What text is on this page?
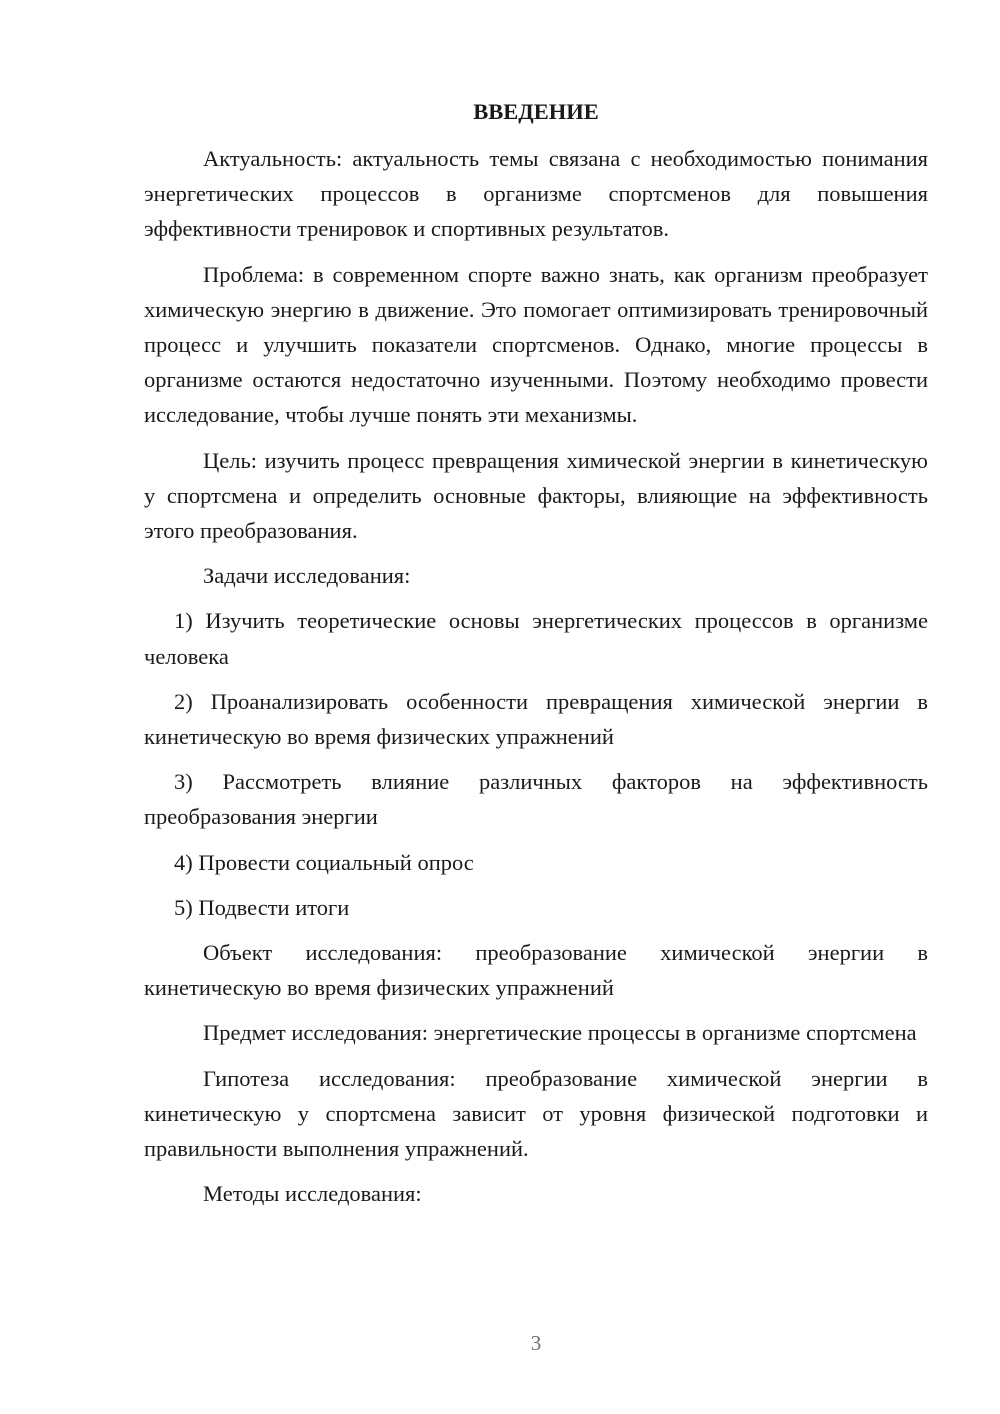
ВВЕДЕНИЕ

Актуальность: актуальность темы связана с необходимостью понимания энергетических процессов в организме спортсменов для повышения эффективности тренировок и спортивных результатов.

Проблема: в современном спорте важно знать, как организм преобразует химическую энергию в движение. Это помогает оптимизировать тренировочный процесс и улучшить показатели спортсменов. Однако, многие процессы в организме остаются недостаточно изученными. Поэтому необходимо провести исследование, чтобы лучше понять эти механизмы.

Цель: изучить процесс превращения химической энергии в кинетическую у спортсмена и определить основные факторы, влияющие на эффективность этого преобразования.

Задачи исследования:

1) Изучить теоретические основы энергетических процессов в организме человека

2) Проанализировать особенности превращения химической энергии в кинетическую во время физических упражнений

3) Рассмотреть влияние различных факторов на эффективность преобразования энергии

4) Провести социальный опрос

5) Подвести итоги

Объект исследования: преобразование химической энергии в кинетическую во время физических упражнений

Предмет исследования: энергетические процессы в организме спортсмена

Гипотеза исследования: преобразование химической энергии в кинетическую у спортсмена зависит от уровня физической подготовки и правильности выполнения упражнений.

Методы исследования:

3
